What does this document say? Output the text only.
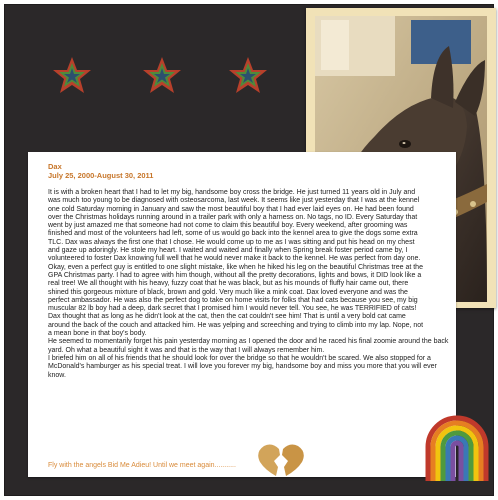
Dax
July 25, 2000-August 30, 2011

It is with a broken heart that I had to let my big, handsome boy cross the bridge. He just turned 11 years old in July and was much too young to be diagnosed with osteosarcoma, last week. It seems like just yesterday that I was at the kennel one cold Saturday morning in January and saw the most beautiful boy that I had ever laid eyes on. He had been found over the Christmas holidays running around in a trailer park with only a harness on. No tags, no ID. Every Saturday that went by just amazed me that someone had not come to claim this beautiful boy. Every weekend, after grooming was finished and most of the volunteers had left, some of us would go back into the kennel area to give the dogs some extra TLC. Dax was always the first one that I chose. He would come up to me as I was sitting and put his head on my chest and gaze up adoringly. He stole my heart. I waited and waited and finally when Spring break foster period came by, I volunteered to foster Dax knowing full well that he would never make it back to the kennel. He was perfect from day one. Okay, even a perfect guy is entitled to one slight mistake, like when he hiked his leg on the beautiful Christmas tree at the GPA Christmas party. I had to agree with him though, without all the pretty decorations, lights and bows, it DID look like a real tree! We all thought with his heavy, fuzzy coat that he was black, but as his mounds of fluffy hair came out, there shined this gorgeous mixture of black, brown and gold. Very much like a mink coat. Dax loved everyone and was the perfect ambassador. He was also the perfect dog to take on home visits for folks that had cats because you see, my big muscular 82 lb boy had a deep, dark secret that I promised him I would never tell. You see, he was TERRIFIED of cats! Dax thought that as long as he didn't look at the cat, then the cat couldn't see him! That is until a very bold cat came around the back of the couch and attacked him. He was yelping and screeching and trying to climb into my lap. Nope, not a mean bone in that boy's body.

He seemed to momentarily forget his pain yesterday morning as I opened the door and he raced his final zoomie around the back yard. Oh what a beautiful sight it was and that is the way that I will always remember him.

I briefed him on all of his friends that he should look for over the bridge so that he wouldn't be scared. We also stopped for a McDonald's hamburger as his special treat. I will love you forever my big, handsome boy and miss you more that you will ever know.

Fly with the angels Bid Me Adieu! Until we meet again...........
